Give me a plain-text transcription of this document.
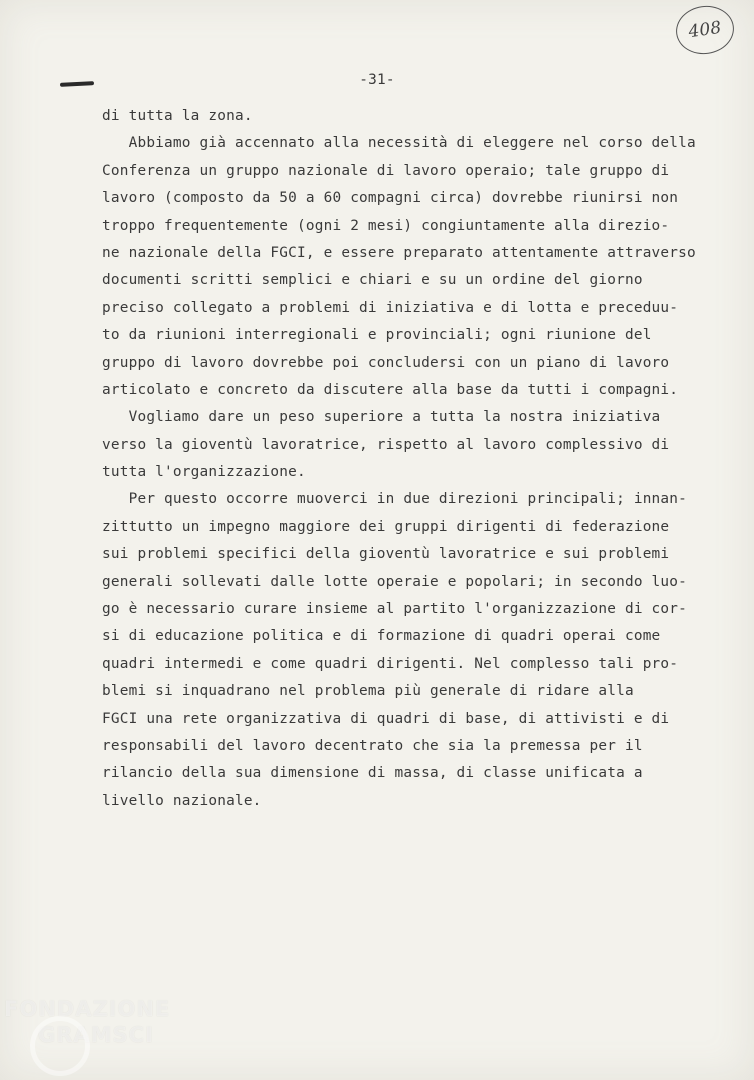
408
-31-
di tutta la zona.
Abbiamo già accennato alla necessità di eleggere nel corso della
Conferenza un gruppo nazionale di lavoro operaio; tale gruppo di
lavoro (composto da 50 a 60 compagni circa) dovrebbe riunirsi non
troppo frequentemente (ogni 2 mesi) congiuntamente alla direzio-
ne nazionale della FGCI, e essere preparato attentamente attraverso
documenti scritti semplici e chiari e su un ordine del giorno
preciso collegato a problemi di iniziativa e di lotta e preceduu-
to da riunioni interregionali e provinciali; ogni riunione del
gruppo di lavoro dovrebbe poi concludersi con un piano di lavoro
articolato e concreto da discutere alla base da tutti i compagni.
Vogliamo dare un peso superiore a tutta la nostra iniziativa
verso la gioventù lavoratrice, rispetto al lavoro complessivo di
tutta l'organizzazione.
Per questo occorre muoverci in due direzioni principali; innan-
zittutto un impegno maggiore dei gruppi dirigenti di federazione
sui problemi specifici della gioventù lavoratrice e sui problemi
generali sollevati dalle lotte operaie e popolari; in secondo luo-
go è necessario curare insieme al partito l'organizzazione di cor-
si di educazione politica e di formazione di quadri operai come
quadri intermedi e come quadri dirigenti. Nel complesso tali pro-
blemi si inquadrano nel problema più generale di ridare alla
FGCI una rete organizzativa di quadri di base, di attivisti e di
responsabili del lavoro decentrato che sia la premessa per il
rilancio della sua dimensione di massa, di classe unificata a
livello nazionale.
FONDAZIONE
GRAMSCI
